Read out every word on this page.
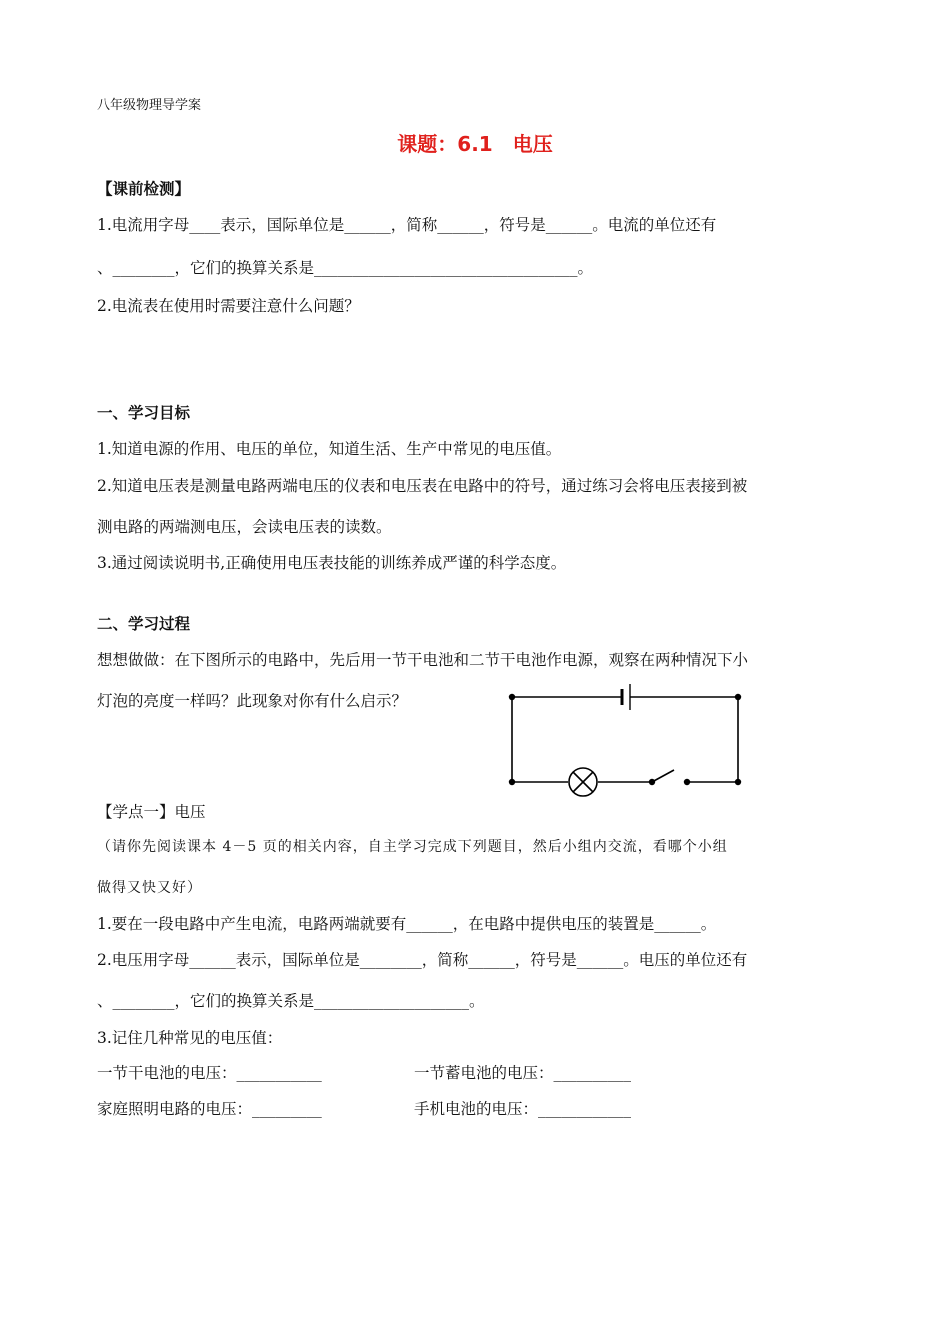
八年级物理导学案
课题：6.1　电压
【课前检测】
1.电流用字母____表示，国际单位是______，简称______，符号是______。电流的单位还有
、________，它们的换算关系是__________________________________。
2.电流表在使用时需要注意什么问题？
一、学习目标
1.知道电源的作用、电压的单位，知道生活、生产中常见的电压值。
2.知道电压表是测量电路两端电压的仪表和电压表在电路中的符号，通过练习会将电压表接到被
测电路的两端测电压，会读电压表的读数。
3.通过阅读说明书,正确使用电压表技能的训练养成严谨的科学态度。
二、学习过程
想想做做：在下图所示的电路中，先后用一节干电池和二节干电池作电源，观察在两种情况下小
灯泡的亮度一样吗？此现象对你有什么启示？
【学点一】电压
（请你先阅读课本 4－5 页的相关内容，自主学习完成下列题目，然后小组内交流，看哪个小组
做得又快又好）
1.要在一段电路中产生电流，电路两端就要有______，在电路中提供电压的装置是______。
2.电压用字母______表示，国际单位是________，简称______，符号是______。电压的单位还有
、________，它们的换算关系是____________________。
3.记住几种常见的电压值：
一节干电池的电压：___________	一节蓄电池的电压：__________
家庭照明电路的电压：_________	手机电池的电压：____________
